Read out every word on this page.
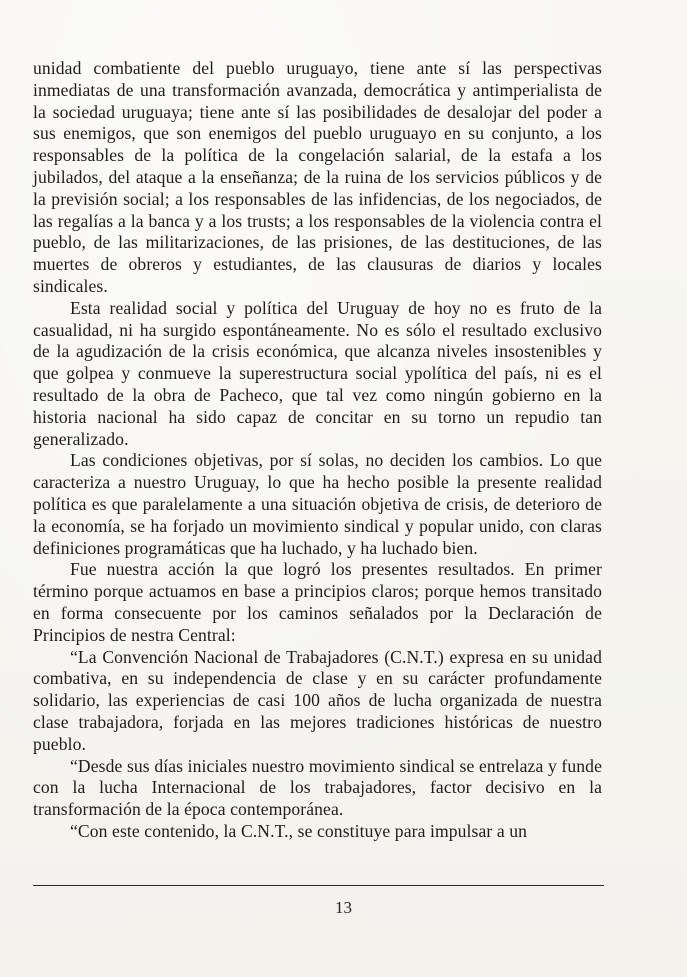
unidad combatiente del pueblo uruguayo, tiene ante sí las perspectivas inmediatas de una transformación avanzada, democrática y antimperialista de la sociedad uruguaya; tiene ante sí las posibilidades de desalojar del poder a sus enemigos, que son enemigos del pueblo uruguayo en su conjunto, a los responsables de la política de la congelación salarial, de la estafa a los jubilados, del ataque a la enseñanza; de la ruina de los servicios públicos y de la previsión social; a los responsables de las infidencias, de los negociados, de las regalías a la banca y a los trusts; a los responsables de la violencia contra el pueblo, de las militarizaciones, de las prisiones, de las destituciones, de las muertes de obreros y estudiantes, de las clausuras de diarios y locales sindicales.

Esta realidad social y política del Uruguay de hoy no es fruto de la casualidad, ni ha surgido espontáneamente. No es sólo el resultado exclusivo de la agudización de la crisis económica, que alcanza niveles insostenibles y que golpea y conmueve la superestructura social ypolítica del país, ni es el resultado de la obra de Pacheco, que tal vez como ningún gobierno en la historia nacional ha sido capaz de concitar en su torno un repudio tan generalizado.

Las condiciones objetivas, por sí solas, no deciden los cambios. Lo que caracteriza a nuestro Uruguay, lo que ha hecho posible la presente realidad política es que paralelamente a una situación objetiva de crisis, de deterioro de la economía, se ha forjado un movimiento sindical y popular unido, con claras definiciones programáticas que ha luchado, y ha luchado bien.

Fue nuestra acción la que logró los presentes resultados. En primer término porque actuamos en base a principios claros; porque hemos transitado en forma consecuente por los caminos señalados por la Declaración de Principios de nestra Central:

“La Convención Nacional de Trabajadores (C.N.T.) expresa en su unidad combativa, en su independencia de clase y en su carácter profundamente solidario, las experiencias de casi 100 años de lucha organizada de nuestra clase trabajadora, forjada en las mejores tradiciones históricas de nuestro pueblo.

“Desde sus días iniciales nuestro movimiento sindical se entrelaza y funde con la lucha Internacional de los trabajadores, factor decisivo en la transformación de la época contemporánea.

“Con este contenido, la C.N.T., se constituye para impulsar a un

13
